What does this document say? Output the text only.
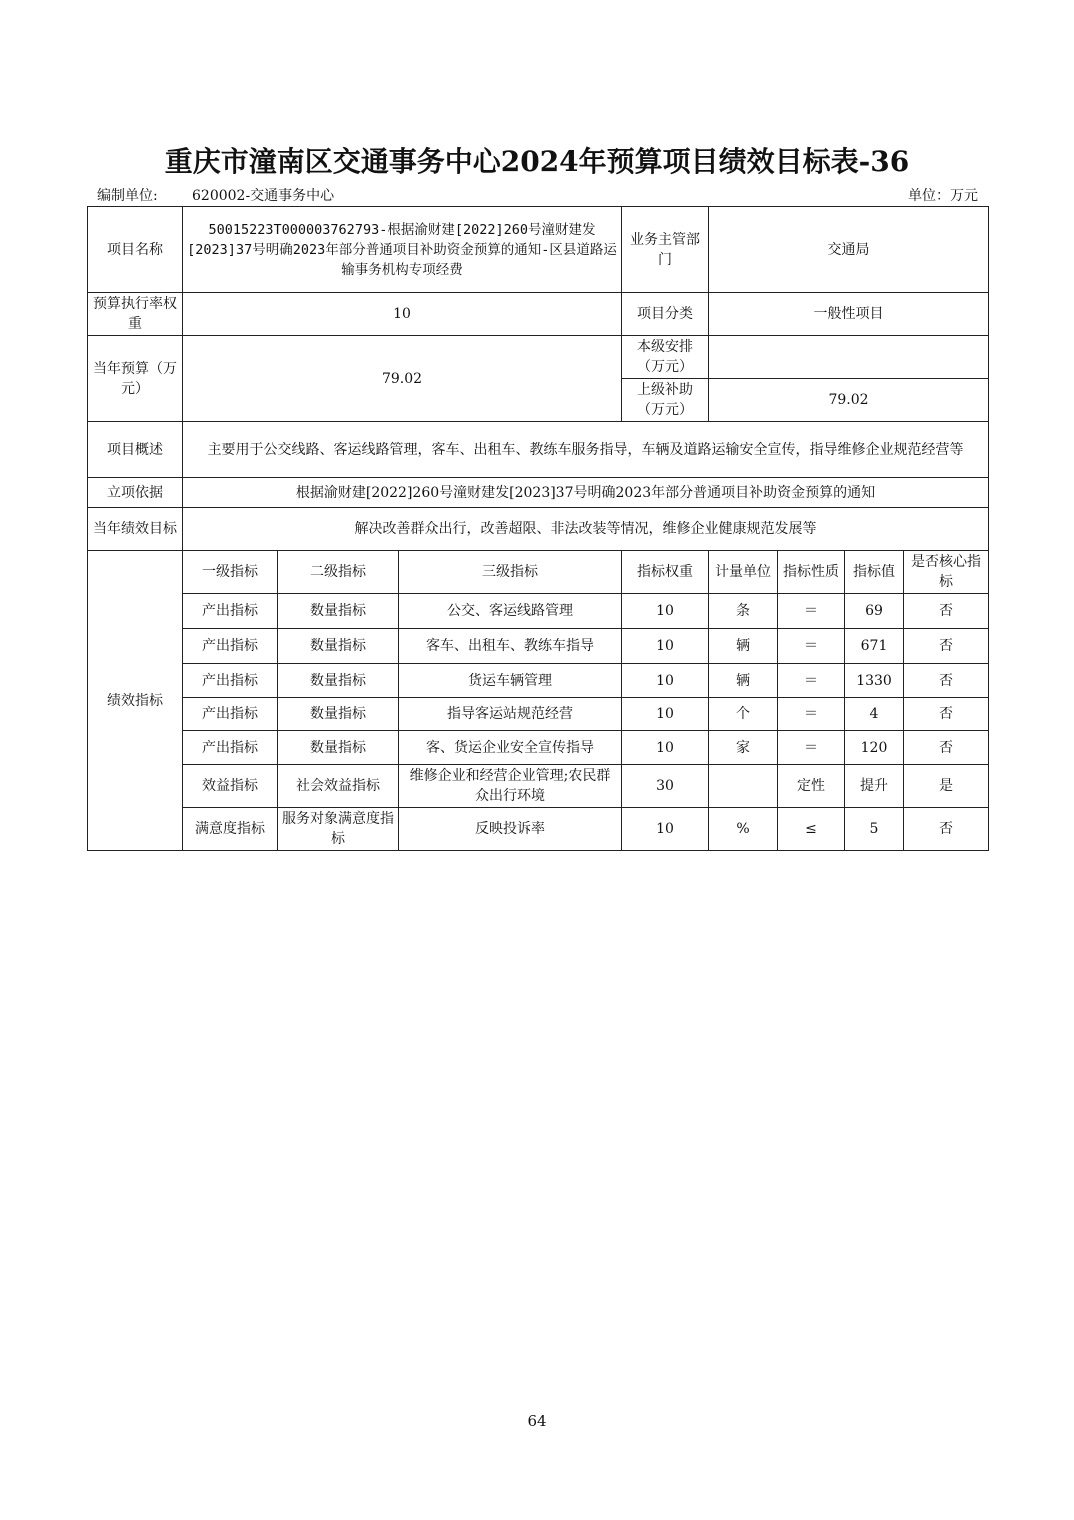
重庆市潼南区交通事务中心2024年预算项目绩效目标表-36
编制单位: 620002-交通事务中心	单位：万元
项目名称	50015223T000003762793-根据渝财建[2022]260号潼财建发[2023]37号明确2023年部分普通项目补助资金预算的通知-区县道路运输事务机构专项经费			业务主管部门	交通局			
预算执行率权重	10			项目分类	一般性项目			
当年预算（万元）	79.02			本级安排（万元）				
				上级补助（万元）	79.02			
项目概述	主要用于公交线路、客运线路管理，客车、出租车、教练车服务指导，车辆及道路运输安全宣传，指导维修企业规范经营等							
立项依据	根据渝财建[2022]260号潼财建发[2023]37号明确2023年部分普通项目补助资金预算的通知							
当年绩效目标	解决改善群众出行，改善超限、非法改装等情况，维修企业健康规范发展等							
绩效指标	一级指标	二级指标	三级指标	指标权重	计量单位	指标性质	指标值	是否核心指标
	产出指标	数量指标	公交、客运线路管理	10	条	＝	69	否
	产出指标	数量指标	客车、出租车、教练车指导	10	辆	＝	671	否
	产出指标	数量指标	货运车辆管理	10	辆	＝	1330	否
	产出指标	数量指标	指导客运站规范经营	10	个	＝	4	否
	产出指标	数量指标	客、货运企业安全宣传指导	10	家	＝	120	否
	效益指标	社会效益指标	维修企业和经营企业管理;农民群众出行环境	30		定性	提升	是
	满意度指标	服务对象满意度指标	反映投诉率	10	%	≤	5	否
64
